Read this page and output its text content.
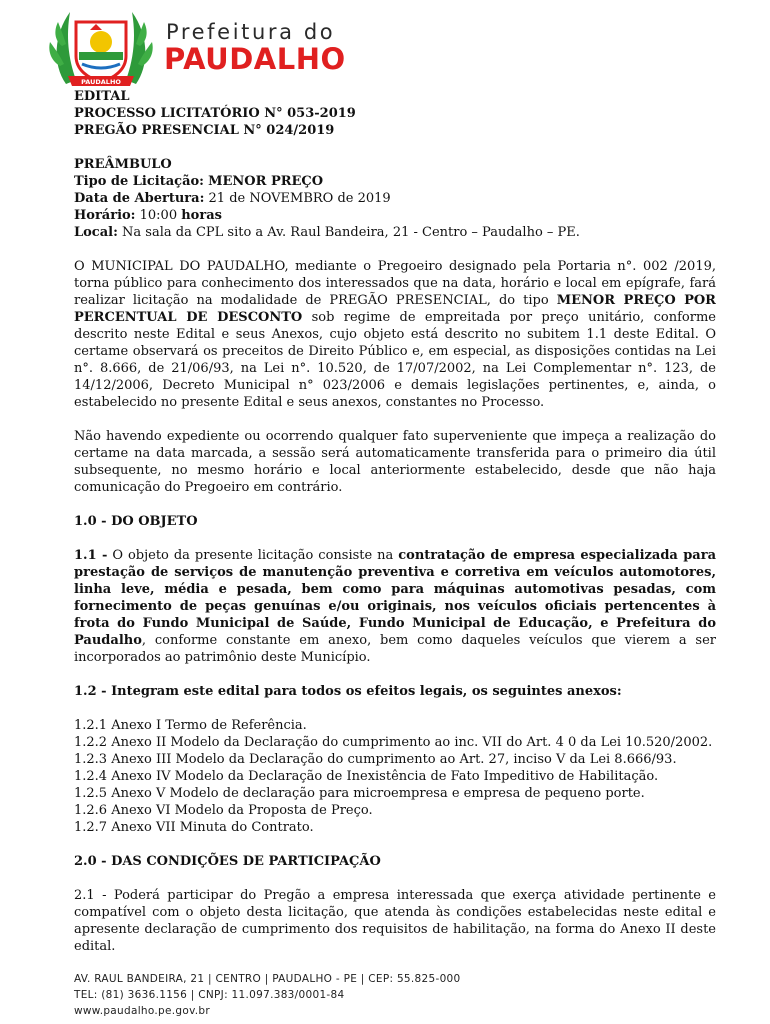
PAUDALHO
Prefeitura do
PAUDALHO

EDITAL

PROCESSO LICITATÓRIO N° 053-2019

PREGÃO PRESENCIAL N° 024/2019

PREÂMBULO

Tipo de Licitação: MENOR PREÇO

Data de Abertura: 21 de NOVEMBRO de 2019

Horário: 10:00 horas

Local: Na sala da CPL sito a Av. Raul Bandeira, 21 - Centro – Paudalho – PE.

O MUNICIPAL DO PAUDALHO, mediante o Pregoeiro designado pela Portaria n°. 002 /2019, torna público para conhecimento dos interessados que na data, horário e local em epígrafe, fará realizar licitação na modalidade de PREGÃO PRESENCIAL, do tipo MENOR PREÇO POR PERCENTUAL DE DESCONTO sob regime de empreitada por preço unitário, conforme descrito neste Edital e seus Anexos, cujo objeto está descrito no subitem 1.1 deste Edital. O certame observará os preceitos de Direito Público e, em especial, as disposições contidas na Lei n°. 8.666, de 21/06/93, na Lei n°. 10.520, de 17/07/2002, na Lei Complementar n°. 123, de 14/12/2006, Decreto Municipal n° 023/2006 e demais legislações pertinentes, e, ainda, o estabelecido no presente Edital e seus anexos, constantes no Processo.

Não havendo expediente ou ocorrendo qualquer fato superveniente que impeça a realização do certame na data marcada, a sessão será automaticamente transferida para o primeiro dia útil subsequente, no mesmo horário e local anteriormente estabelecido, desde que não haja comunicação do Pregoeiro em contrário.

1.0 - DO OBJETO

1.1 - O objeto da presente licitação consiste na contratação de empresa especializada para prestação de serviços de manutenção preventiva e corretiva em veículos automotores, linha leve, média e pesada, bem como para máquinas automotivas pesadas, com fornecimento de peças genuínas e/ou originais, nos veículos oficiais pertencentes à frota do Fundo Municipal de Saúde, Fundo Municipal de Educação, e Prefeitura do Paudalho, conforme constante em anexo, bem como daqueles veículos que vierem a ser incorporados ao patrimônio deste Município.

1.2 - Integram este edital para todos os efeitos legais, os seguintes anexos:

1.2.1 Anexo I Termo de Referência.

1.2.2 Anexo II Modelo da Declaração do cumprimento ao inc. VII do Art. 4 0 da Lei 10.520/2002.

1.2.3 Anexo III Modelo da Declaração do cumprimento ao Art. 27, inciso V da Lei 8.666/93.

1.2.4 Anexo IV Modelo da Declaração de Inexistência de Fato Impeditivo de Habilitação.

1.2.5 Anexo V Modelo de declaração para microempresa e empresa de pequeno porte.

1.2.6 Anexo VI Modelo da Proposta de Preço.

1.2.7 Anexo VII Minuta do Contrato.

2.0 - DAS CONDIÇÕES DE PARTICIPAÇÃO

2.1 - Poderá participar do Pregão a empresa interessada que exerça atividade pertinente e compatível com o objeto desta licitação, que atenda às condições estabelecidas neste edital e apresente declaração de cumprimento dos requisitos de habilitação, na forma do Anexo II deste edital.

AV. RAUL BANDEIRA, 21 | CENTRO | PAUDALHO - PE | CEP: 55.825-000
TEL: (81) 3636.1156 | CNPJ: 11.097.383/0001-84
www.paudalho.pe.gov.br
